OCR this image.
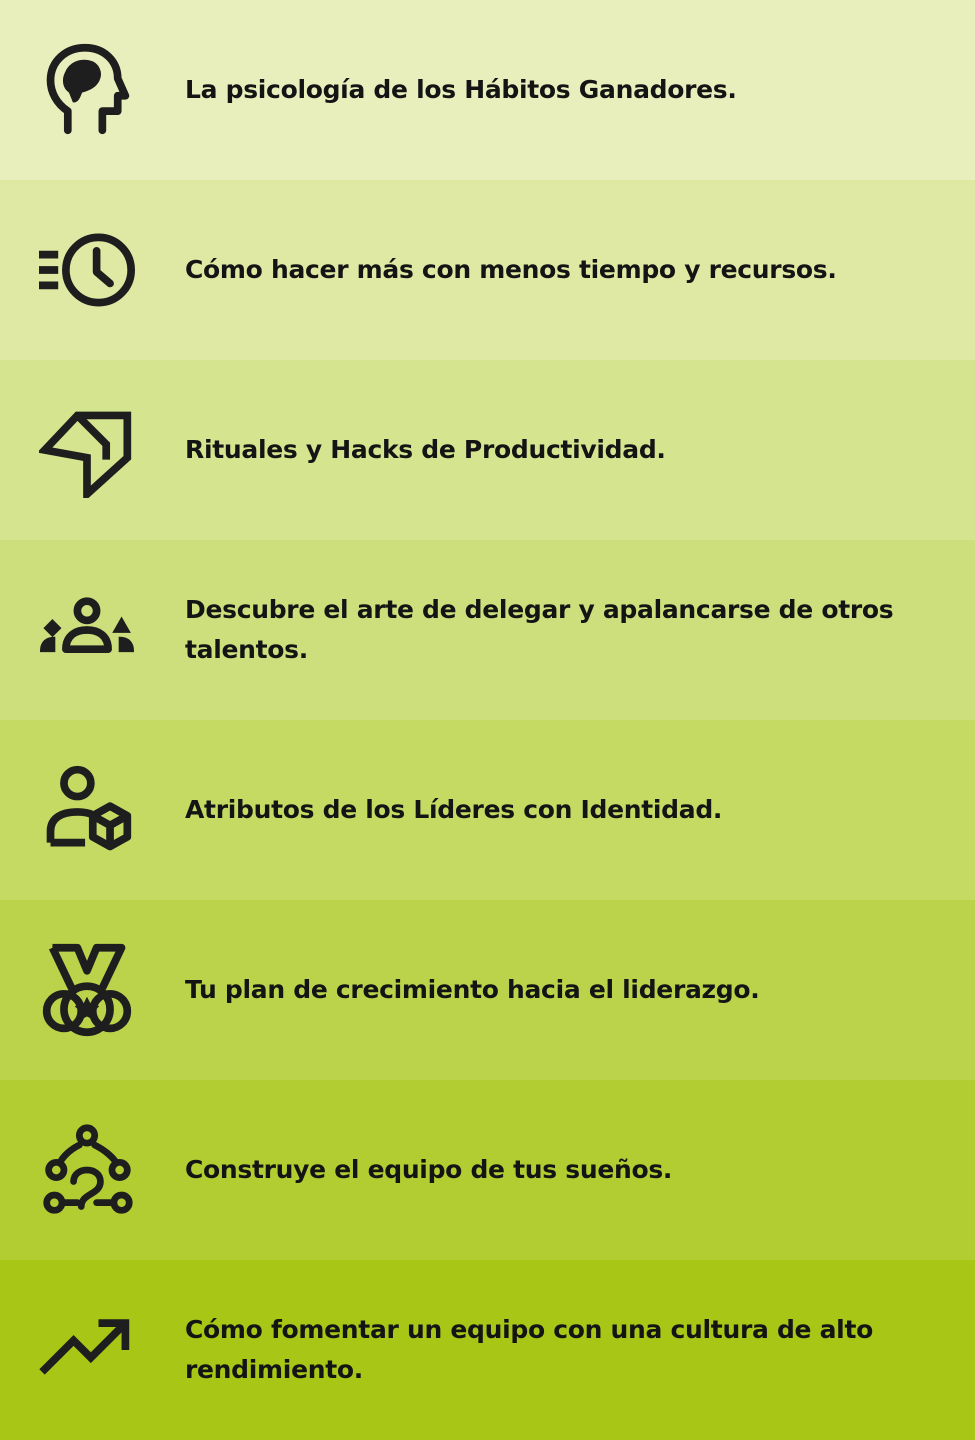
La psicología de los Hábitos Ganadores.
Cómo hacer más con menos tiempo y recursos.
Rituales y Hacks de Productividad.
Descubre el arte de delegar y apalancarse de otros talentos.
Atributos de los Líderes con Identidad.
Tu plan de crecimiento hacia el liderazgo.
Construye el equipo de tus sueños.
Cómo fomentar un equipo con una cultura de alto rendimiento.
